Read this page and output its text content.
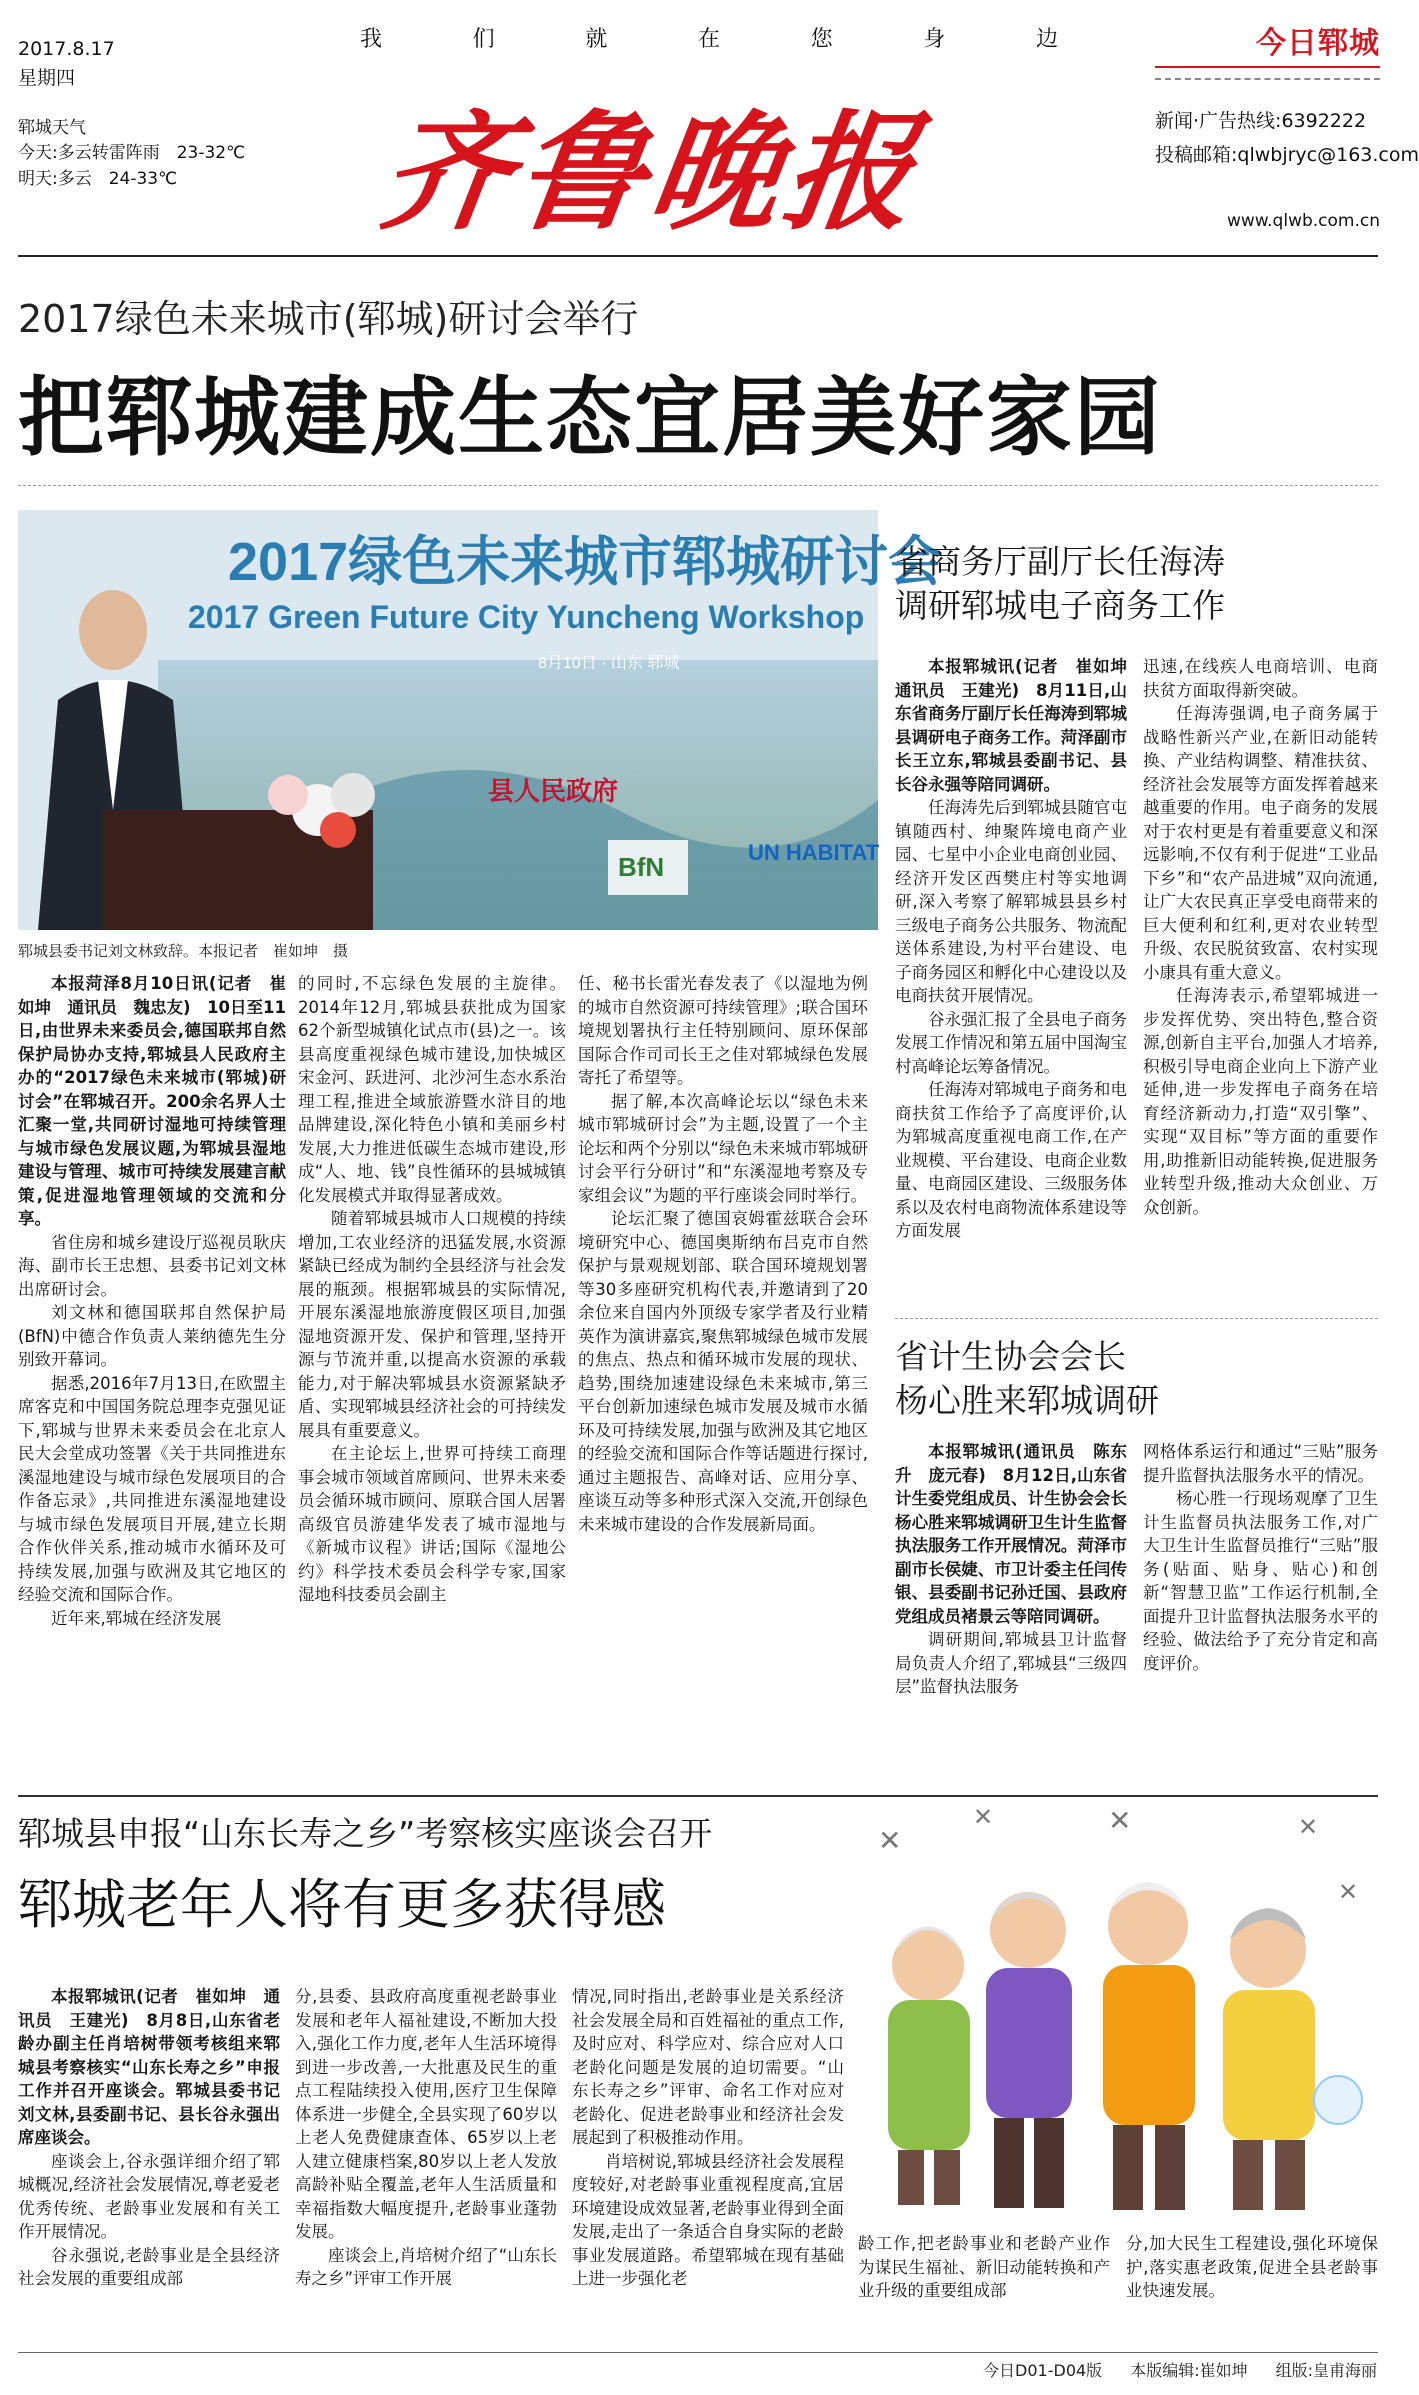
2017.8.17
星期四
郓城天气
今天:多云转雷阵雨　23-32℃
明天:多云　24-33℃
我	们	就	在	您	身	边
齐鲁晚报
今日郓城
新闻·广告热线:6392222
投稿邮箱:qlwbjryc@163.com
www.qlwb.com.cn
2017绿色未来城市(郓城)研讨会举行
把郓城建成生态宜居美好家园
2017绿色未来城市郓城研讨会
2017 Green Future City Yuncheng Workshop
8月10日 · 山东 郓城
县人民政府
BfN	UN HABITAT
郓城县委书记刘文林致辞。本报记者　崔如坤　摄

本报菏泽8月10日讯(记者　崔如坤　通讯员　魏忠友)　10日至11日,由世界未来委员会,德国联邦自然保护局协办支持,郓城县人民政府主办的“2017绿色未来城市(郓城)研讨会”在郓城召开。200余名界人士汇聚一堂,共同研讨湿地可持续管理与城市绿色发展议题,为郓城县湿地建设与管理、城市可持续发展建言献策,促进湿地管理领域的交流和分享。

省住房和城乡建设厅巡视员耿庆海、副市长王忠想、县委书记刘文林出席研讨会。

刘文林和德国联邦自然保护局(BfN)中德合作负责人莱纳德先生分别致开幕词。

据悉,2016年7月13日,在欧盟主席客克和中国国务院总理李克强见证下,郓城与世界未来委员会在北京人民大会堂成功签署《关于共同推进东溪湿地建设与城市绿色发展项目的合作备忘录》,共同推进东溪湿地建设与城市绿色发展项目开展,建立长期合作伙伴关系,推动城市水循环及可持续发展,加强与欧洲及其它地区的经验交流和国际合作。

近年来,郓城在经济发展

的同时,不忘绿色发展的主旋律。2014年12月,郓城县获批成为国家62个新型城镇化试点市(县)之一。该县高度重视绿色城市建设,加快城区宋金河、跃进河、北沙河生态水系治理工程,推进全域旅游暨水浒目的地品牌建设,深化特色小镇和美丽乡村发展,大力推进低碳生态城市建设,形成“人、地、钱”良性循环的县城城镇化发展模式并取得显著成效。

随着郓城县城市人口规模的持续增加,工农业经济的迅猛发展,水资源紧缺已经成为制约全县经济与社会发展的瓶颈。根据郓城县的实际情况,开展东溪湿地旅游度假区项目,加强湿地资源开发、保护和管理,坚持开源与节流并重,以提高水资源的承载能力,对于解决郓城县水资源紧缺矛盾、实现郓城县经济社会的可持续发展具有重要意义。

在主论坛上,世界可持续工商理事会城市领域首席顾问、世界未来委员会循环城市顾问、原联合国人居署高级官员游建华发表了城市湿地与《新城市议程》讲话;国际《湿地公约》科学技术委员会科学专家,国家湿地科技委员会副主

任、秘书长雷光春发表了《以湿地为例的城市自然资源可持续管理》;联合国环境规划署执行主任特别顾问、原环保部国际合作司司长王之佳对郓城绿色发展寄托了希望等。

据了解,本次高峰论坛以“绿色未来城市郓城研讨会”为主题,设置了一个主论坛和两个分别以“绿色未来城市郓城研讨会平行分研讨”和“东溪湿地考察及专家组会议”为题的平行座谈会同时举行。

论坛汇聚了德国哀姆霍兹联合会环境研究中心、德国奥斯纳布吕克市自然保护与景观规划部、联合国环境规划署等30多座研究机构代表,并邀请到了20余位来自国内外顶级专家学者及行业精英作为演讲嘉宾,聚焦郓城绿色城市发展的焦点、热点和循环城市发展的现状、趋势,围绕加速建设绿色未来城市,第三平台创新加速绿色城市发展及城市水循环及可持续发展,加强与欧洲及其它地区的经验交流和国际合作等话题进行探讨,通过主题报告、高峰对话、应用分享、座谈互动等多种形式深入交流,开创绿色未来城市建设的合作发展新局面。

省商务厅副厅长任海涛
调研郓城电子商务工作

本报郓城讯(记者　崔如坤　通讯员　王建光)　8月11日,山东省商务厅副厅长任海涛到郓城县调研电子商务工作。菏泽副市长王立东,郓城县委副书记、县长谷永强等陪同调研。

任海涛先后到郓城县随官屯镇随西村、绅聚阵境电商产业园、七星中小企业电商创业园、经济开发区西樊庄村等实地调研,深入考察了解郓城县县乡村三级电子商务公共服务、物流配送体系建设,为村平台建设、电子商务园区和孵化中心建设以及电商扶贫开展情况。

谷永强汇报了全县电子商务发展工作情况和第五届中国淘宝村高峰论坛筹备情况。

任海涛对郓城电子商务和电商扶贫工作给予了高度评价,认为郓城高度重视电商工作,在产业规模、平台建设、电商企业数量、电商园区建设、三级服务体系以及农村电商物流体系建设等方面发展

迅速,在线疾人电商培训、电商扶贫方面取得新突破。

任海涛强调,电子商务属于战略性新兴产业,在新旧动能转换、产业结构调整、精准扶贫、经济社会发展等方面发挥着越来越重要的作用。电子商务的发展对于农村更是有着重要意义和深远影响,不仅有利于促进“工业品下乡”和“农产品进城”双向流通,让广大农民真正享受电商带来的巨大便利和红利,更对农业转型升级、农民脱贫致富、农村实现小康具有重大意义。

任海涛表示,希望郓城进一步发挥优势、突出特色,整合资源,创新自主平台,加强人才培养,积极引导电商企业向上下游产业延伸,进一步发挥电子商务在培育经济新动力,打造“双引擎”、实现“双目标”等方面的重要作用,助推新旧动能转换,促进服务业转型升级,推动大众创业、万众创新。

省计生协会会长
杨心胜来郓城调研

本报郓城讯(通讯员　陈东升　庞元春)　8月12日,山东省计生委党组成员、计生协会会长杨心胜来郓城调研卫生计生监督执法服务工作开展情况。菏泽市副市长侯婕、市卫计委主任闫传银、县委副书记孙迁国、县政府党组成员褚景云等陪同调研。

调研期间,郓城县卫计监督局负责人介绍了,郓城县“三级四层”监督执法服务

网格体系运行和通过“三贴”服务提升监督执法服务水平的情况。

杨心胜一行现场观摩了卫生计生监督员执法服务工作,对广大卫生计生监督员推行“三贴”服务(贴面、贴身、贴心)和创新“智慧卫监”工作运行机制,全面提升卫计监督执法服务水平的经验、做法给予了充分肯定和高度评价。

郓城县申报“山东长寿之乡”考察核实座谈会召开
郓城老年人将有更多获得感

本报郓城讯(记者　崔如坤　通讯员　王建光)　8月8日,山东省老龄办副主任肖培树带领考核组来郓城县考察核实“山东长寿之乡”申报工作并召开座谈会。郓城县委书记刘文林,县委副书记、县长谷永强出席座谈会。

座谈会上,谷永强详细介绍了郓城概况,经济社会发展情况,尊老爱老优秀传统、老龄事业发展和有关工作开展情况。

谷永强说,老龄事业是全县经济社会发展的重要组成部

分,县委、县政府高度重视老龄事业发展和老年人福祉建设,不断加大投入,强化工作力度,老年人生活环境得到进一步改善,一大批惠及民生的重点工程陆续投入使用,医疗卫生保障体系进一步健全,全县实现了60岁以上老人免费健康查体、65岁以上老人建立健康档案,80岁以上老人发放高龄补贴全覆盖,老年人生活质量和幸福指数大幅度提升,老龄事业蓬勃发展。

座谈会上,肖培树介绍了“山东长寿之乡”评审工作开展

情况,同时指出,老龄事业是关系经济社会发展全局和百姓福祉的重点工作,及时应对、科学应对、综合应对人口老龄化问题是发展的迫切需要。“山东长寿之乡”评审、命名工作对应对老龄化、促进老龄事业和经济社会发展起到了积极推动作用。

肖培树说,郓城县经济社会发展程度较好,对老龄事业重视程度高,宜居环境建设成效显著,老龄事业得到全面发展,走出了一条适合自身实际的老龄事业发展道路。希望郓城在现有基础上进一步强化老

✕
✕	✕	✕
✕

龄工作,把老龄事业和老龄产业作为谋民生福祉、新旧动能转换和产业升级的重要组成部

分,加大民生工程建设,强化环境保护,落实惠老政策,促进全县老龄事业快速发展。

今日D01-D04版 本版编辑:崔如坤 组版:皇甫海丽
